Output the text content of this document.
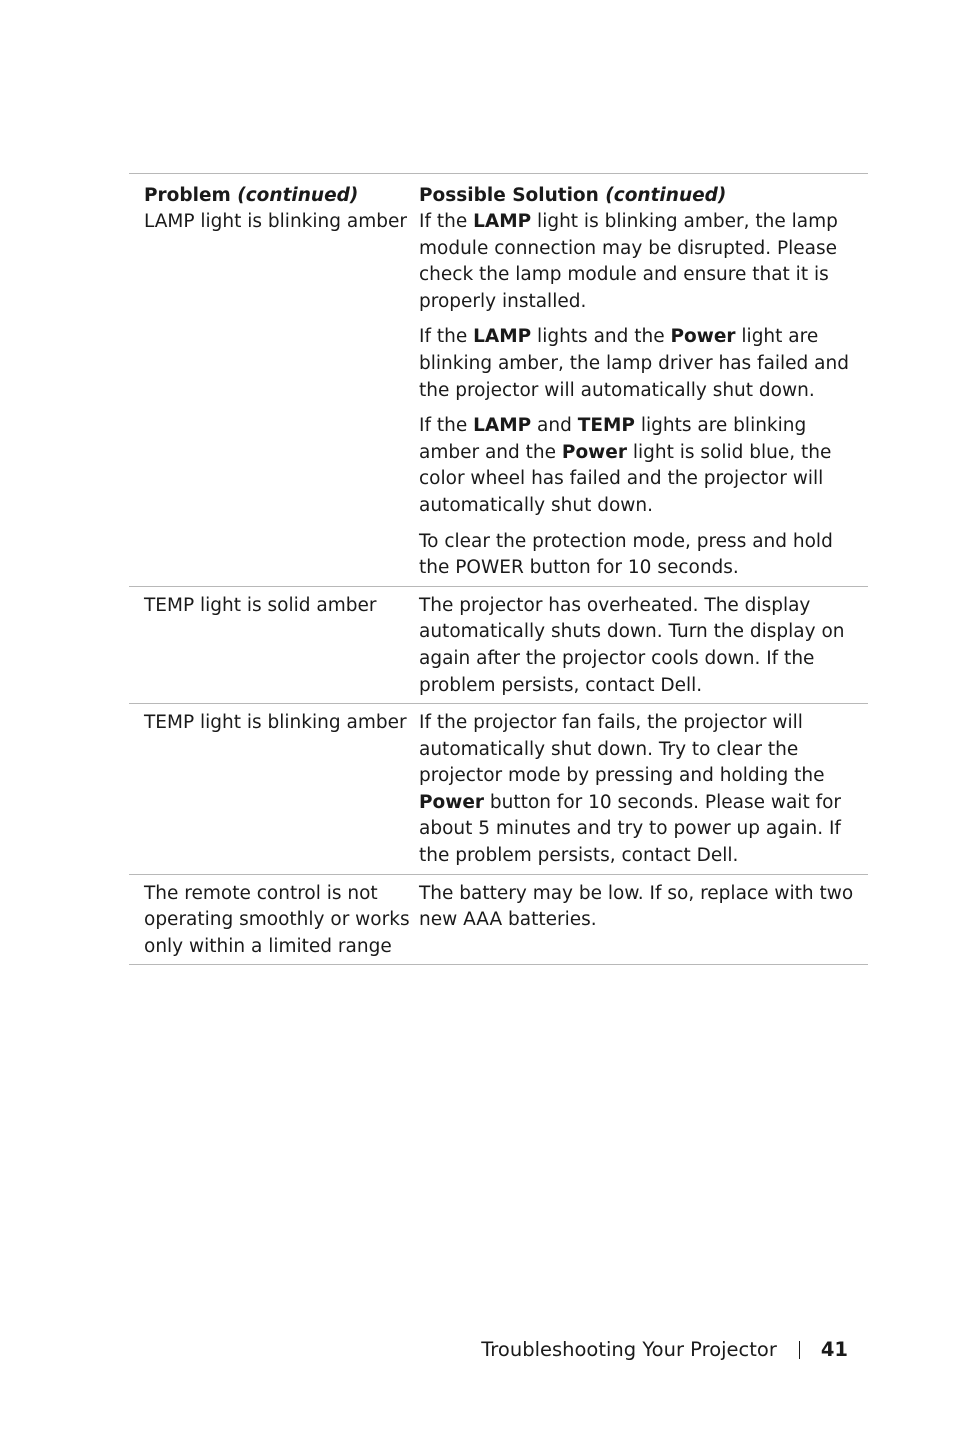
Problem (continued)	Possible Solution (continued)
LAMP light is blinking amber If the LAMP light is blinking amber, the lamp module connection may be disrupted. Please check the lamp module and ensure that it is properly installed.
If the LAMP lights and the Power light are blinking amber, the lamp driver has failed and the projector will automatically shut down.
If the LAMP and TEMP lights are blinking amber and the Power light is solid blue, the color wheel has failed and the projector will automatically shut down.
To clear the protection mode, press and hold the POWER button for 10 seconds.
TEMP light is solid amber	The projector has overheated. The display automatically shuts down. Turn the display on again after the projector cools down. If the problem persists, contact Dell.
TEMP light is blinking amber If the projector fan fails, the projector will automatically shut down. Try to clear the projector mode by pressing and holding the Power button for 10 seconds. Please wait for about 5 minutes and try to power up again. If the problem persists, contact Dell.
The remote control is not operating smoothly or works only within a limited range
The battery may be low. If so, replace with two new AAA batteries.
Troubleshooting Your Projector 41
